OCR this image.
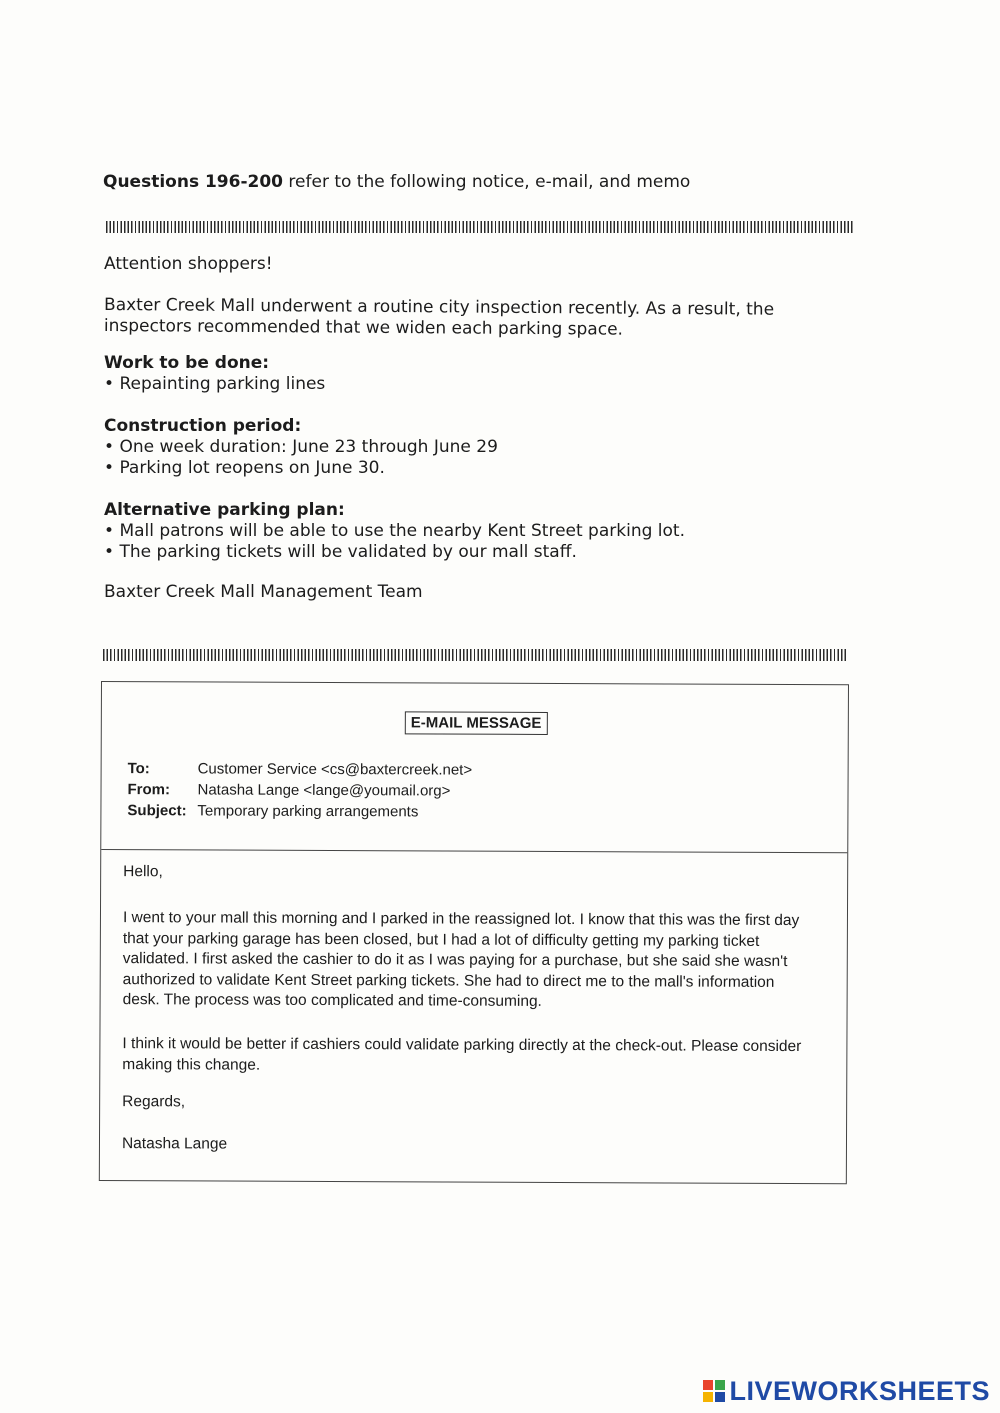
Questions 196-200 refer to the following notice, e-mail, and memo
Attention shoppers!
Baxter Creek Mall underwent a routine city inspection recently. As a result, the inspectors recommended that we widen each parking space.
Work to be done:
• Repainting parking lines
Construction period:
• One week duration: June 23 through June 29
• Parking lot reopens on June 30.
Alternative parking plan:
• Mall patrons will be able to use the nearby Kent Street parking lot.
• The parking tickets will be validated by our mall staff.
Baxter Creek Mall Management Team
E-MAIL MESSAGE
To:	Customer Service <cs@baxtercreek.net>
From: Natasha Lange <lange@youmail.org>
Subject: Temporary parking arrangements
Hello,
I went to your mall this morning and I parked in the reassigned lot. I know that this was the first day that your parking garage has been closed, but I had a lot of difficulty getting my parking ticket validated. I first asked the cashier to do it as I was paying for a purchase, but she said she wasn't authorized to validate Kent Street parking tickets. She had to direct me to the mall's information desk. The process was too complicated and time-consuming.
I think it would be better if cashiers could validate parking directly at the check-out. Please consider making this change.
Regards,
Natasha Lange
LIVEWORKSHEETS
